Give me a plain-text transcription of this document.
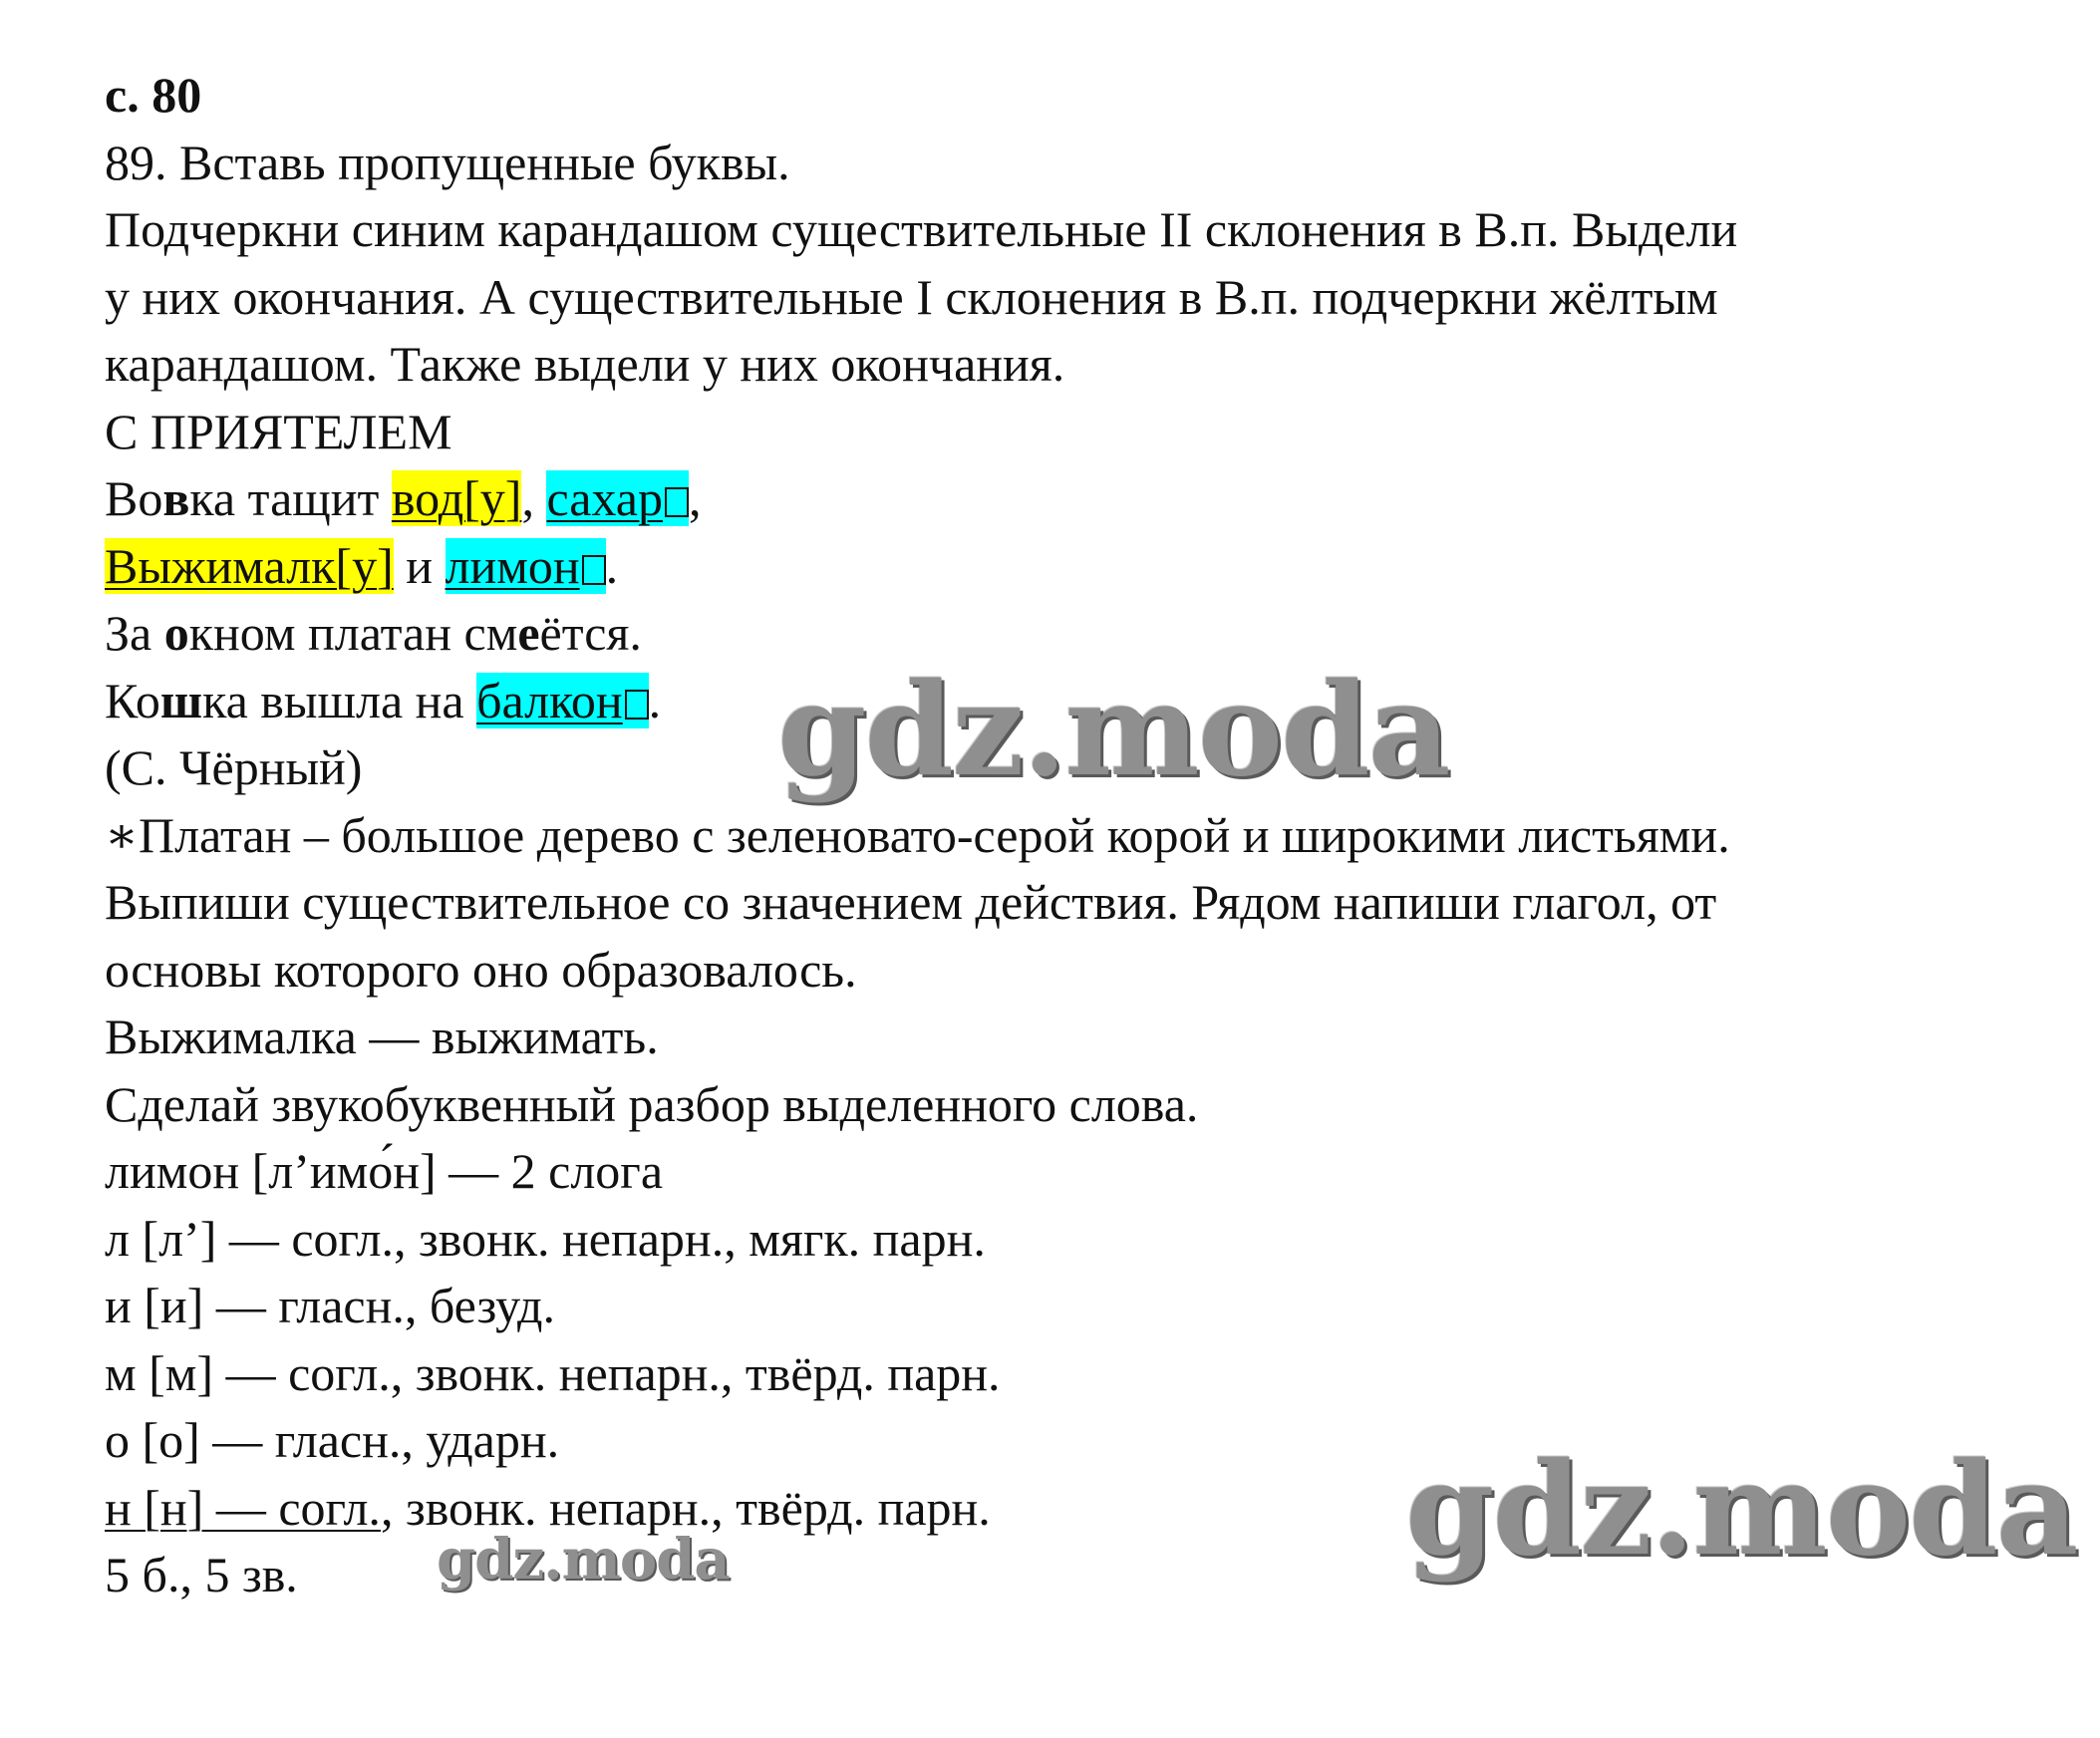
с. 80
89. Вставь пропущенные буквы.
Подчеркни синим карандашом существительные II склонения в В.п. Выдели
у них окончания. А существительные I склонения в В.п. подчеркни жёлтым
карандашом. Также выдели у них окончания.
С ПРИЯТЕЛЕМ
Вовка тащит вод[у], сахар ,
Выжималк[у] и лимон .
За окном платан смеётся.
Кошка вышла на балкон .
(С. Чёрный)
∗Платан – большое дерево с зеленовато-серой корой и широкими листьями.
Выпиши существительное со значением действия. Рядом напиши глагол, от
основы которого оно образовалось.
Выжималка — выжимать.
Сделай звукобуквенный разбор выделенного слова.
лимон [л’имо́н] — 2 слога
л [л’] — согл., звонк. непарн., мягк. парн.
и [и] — гласн., безуд.
м [м] — согл., звонк. непарн., твёрд. парн.
о [о] — гласн., ударн.
н [н] — согл., звонк. непарн., твёрд. парн.
5 б., 5 зв.
gdz.moda
gdz.moda
gdz.moda
